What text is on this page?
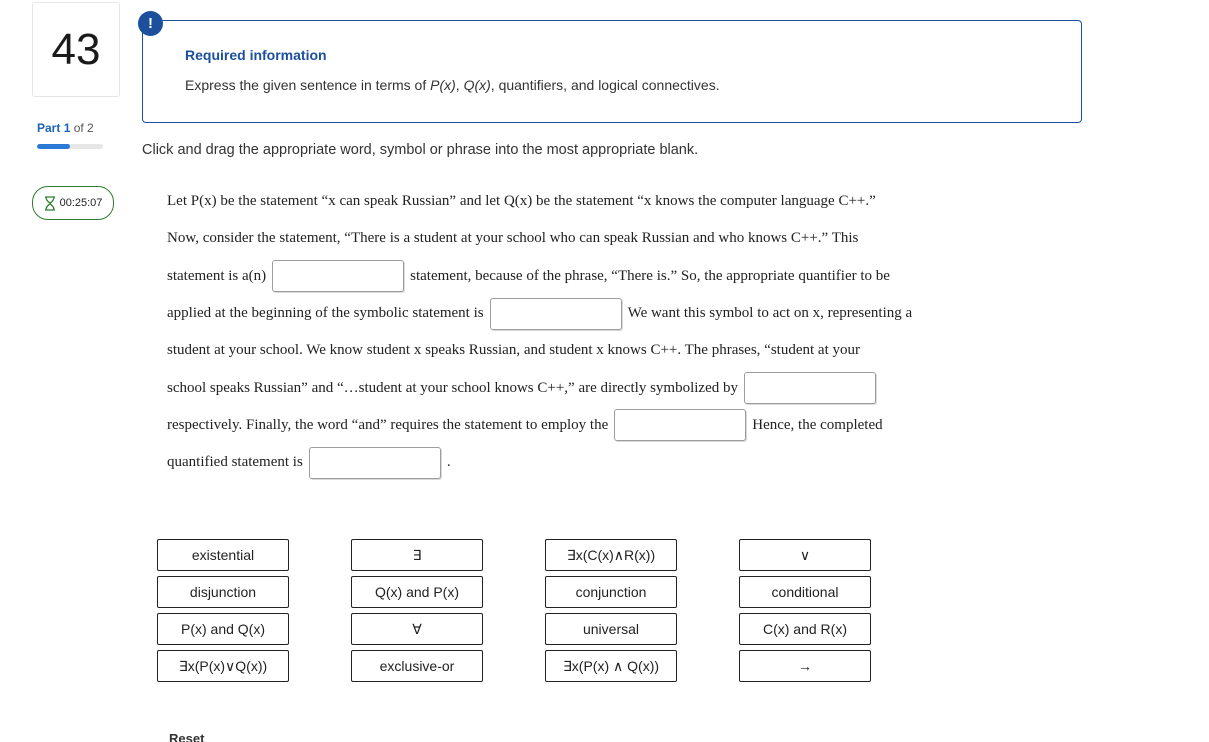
43
Part 1 of 2
00:25:07
Required information
Express the given sentence in terms of P(x), Q(x), quantifiers, and logical connectives.
!
Click and drag the appropriate word, symbol or phrase into the most appropriate blank.
Let P(x) be the statement “x can speak Russian” and let Q(x) be the statement “x knows the computer language C++.”
Now, consider the statement, “There is a student at your school who can speak Russian and who knows C++.” This
statement is a(n)	statement, because of the phrase, “There is.” So, the appropriate quantifier to be
applied at the beginning of the symbolic statement is	We want this symbol to act on x, representing a
student at your school. We know student x speaks Russian, and student x knows C++. The phrases, “student at your
school speaks Russian” and “…student at your school knows C++,” are directly symbolized by
respectively. Finally, the word “and” requires the statement to employ the	Hence, the completed
quantified statement is	.
existential	∃	∃x(C(x)∧R(x))	∨
disjunction	Q(x) and P(x)	conjunction	conditional
P(x) and Q(x)	∀	universal	C(x) and R(x)
∃x(P(x)∨Q(x))	exclusive-or	∃x(P(x) ∧ Q(x))	→
Reset
